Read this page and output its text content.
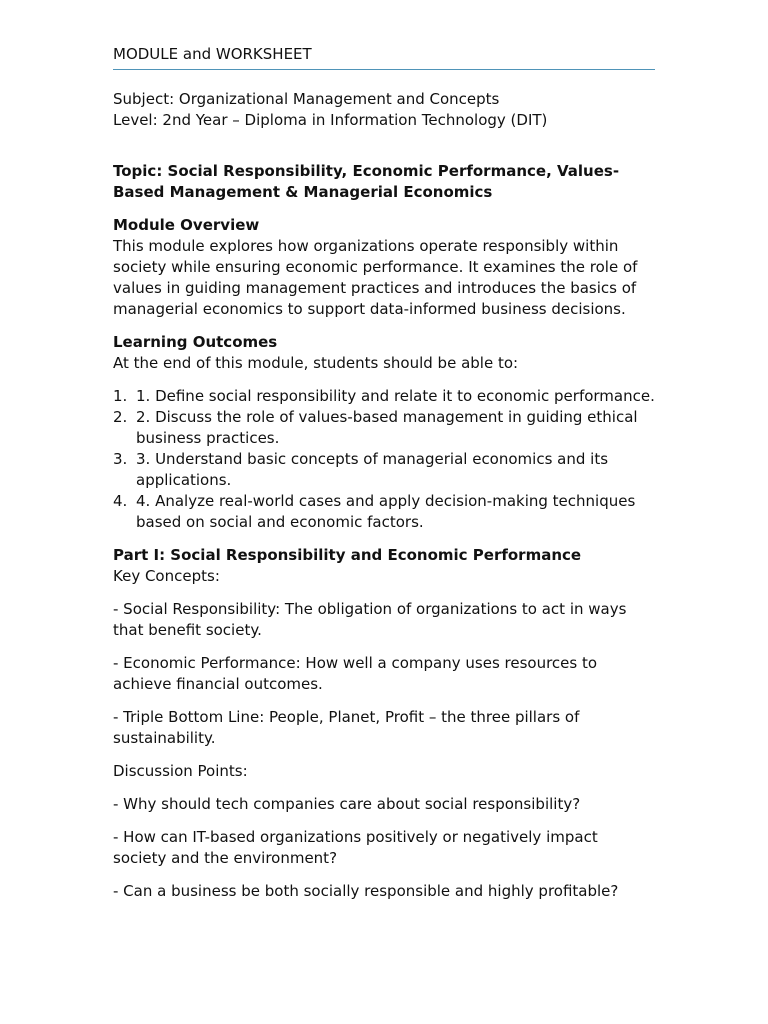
MODULE and WORKSHEET
Subject: Organizational Management and Concepts
Level: 2nd Year – Diploma in Information Technology (DIT)
Topic: Social Responsibility, Economic Performance, Values-Based Management & Managerial Economics
Module Overview

This module explores how organizations operate responsibly within society while ensuring economic performance. It examines the role of values in guiding management practices and introduces the basics of managerial economics to support data-informed business decisions.

Learning Outcomes

At the end of this module, students should be able to:

1. 1. Define social responsibility and relate it to economic performance.
2. 2. Discuss the role of values-based management in guiding ethical business practices.
3. 3. Understand basic concepts of managerial economics and its applications.
4. 4. Analyze real-world cases and apply decision-making techniques based on social and economic factors.
Part I: Social Responsibility and Economic Performance

Key Concepts:

- Social Responsibility: The obligation of organizations to act in ways that benefit society.

- Economic Performance: How well a company uses resources to achieve financial outcomes.

- Triple Bottom Line: People, Planet, Profit – the three pillars of sustainability.

Discussion Points:

- Why should tech companies care about social responsibility?

- How can IT-based organizations positively or negatively impact society and the environment?

- Can a business be both socially responsible and highly profitable?
